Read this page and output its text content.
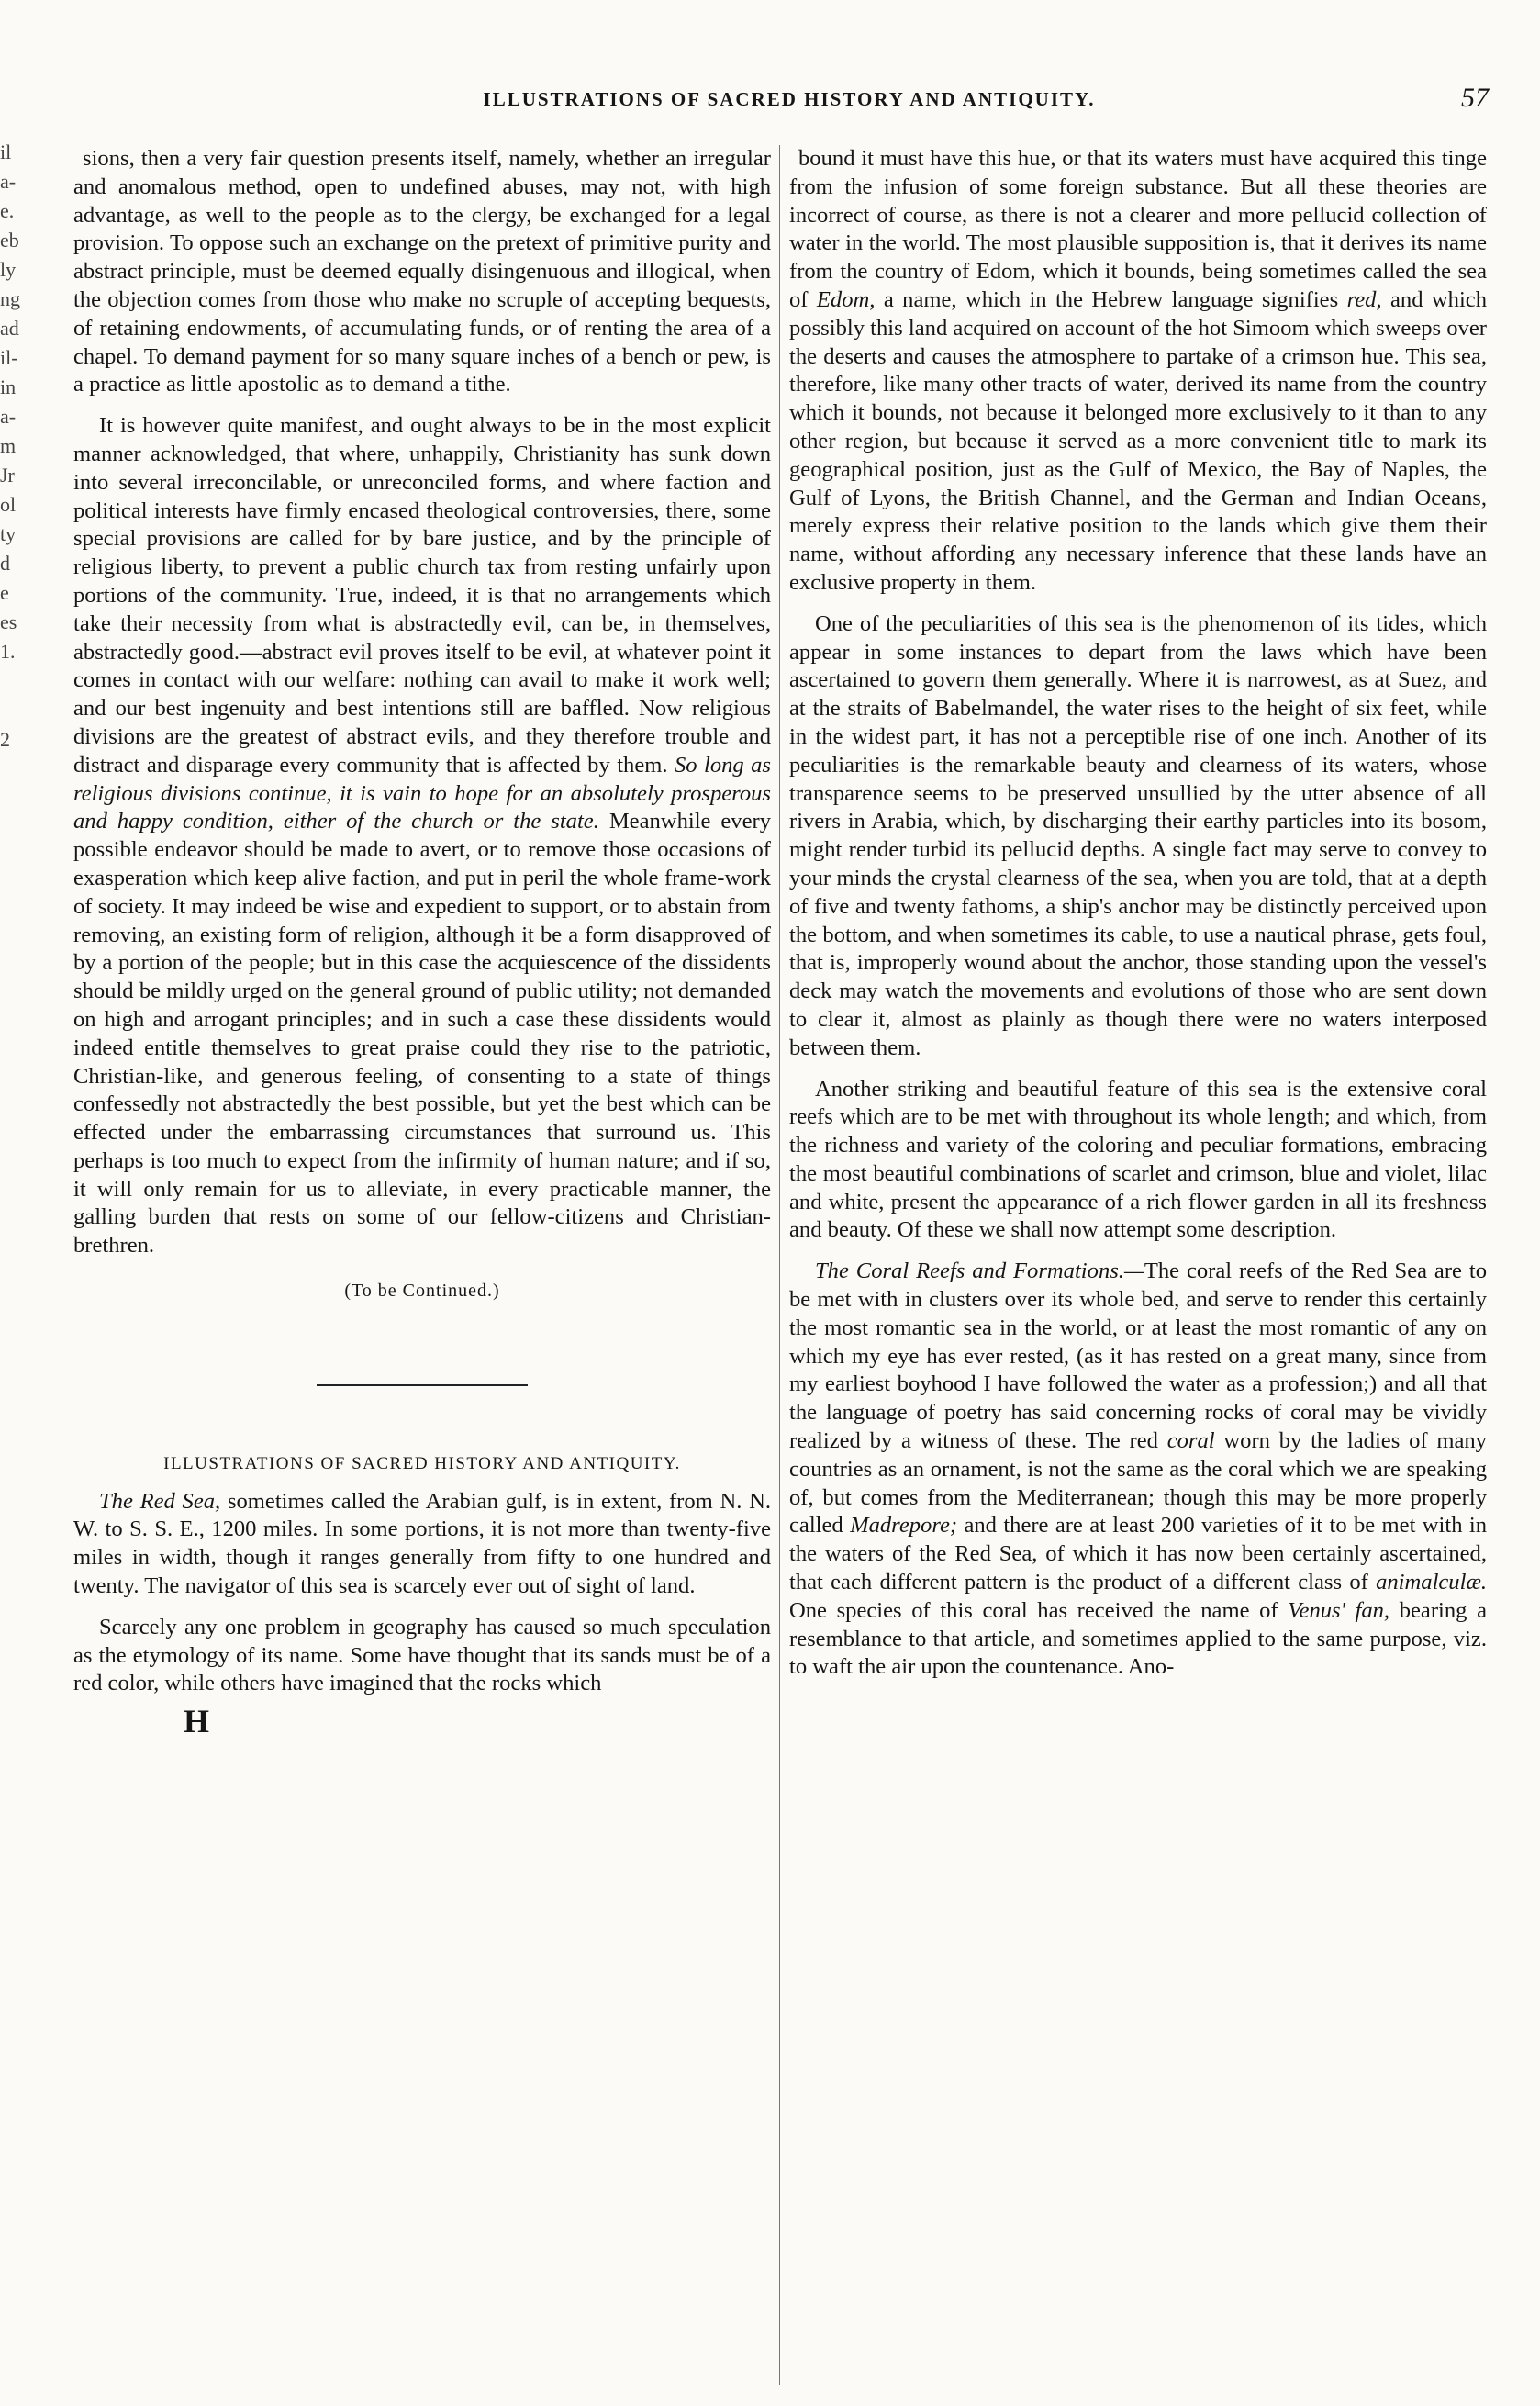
il
a-
e.
eb
ly
ng
ad
il-
in
a-
m
Jr
ol
ty
d
e
es
1.

2

ILLUSTRATIONS OF SACRED HISTORY AND ANTIQUITY.	57

sions, then a very fair question presents itself, namely, whether an irregular and anomalous method, open to undefined abuses, may not, with high advantage, as well to the people as to the clergy, be exchanged for a legal provision. To oppose such an exchange on the pretext of primitive purity and abstract principle, must be deemed equally disingenuous and illogical, when the objection comes from those who make no scruple of accepting bequests, of retaining endowments, of accumulating funds, or of renting the area of a chapel. To demand payment for so many square inches of a bench or pew, is a practice as little apostolic as to demand a tithe.

It is however quite manifest, and ought always to be in the most explicit manner acknowledged, that where, unhappily, Christianity has sunk down into several irreconcilable, or unreconciled forms, and where faction and political interests have firmly encased theological controversies, there, some special provisions are called for by bare justice, and by the principle of religious liberty, to prevent a public church tax from resting unfairly upon portions of the community. True, indeed, it is that no arrangements which take their necessity from what is abstractedly evil, can be, in themselves, abstractedly good.—abstract evil proves itself to be evil, at whatever point it comes in contact with our welfare: nothing can avail to make it work well; and our best ingenuity and best intentions still are baffled. Now religious divisions are the greatest of abstract evils, and they therefore trouble and distract and disparage every community that is affected by them. So long as religious divisions continue, it is vain to hope for an absolutely prosperous and happy condition, either of the church or the state. Meanwhile every possible endeavor should be made to avert, or to remove those occasions of exasperation which keep alive faction, and put in peril the whole frame-work of society. It may indeed be wise and expedient to support, or to abstain from removing, an existing form of religion, although it be a form disapproved of by a portion of the people; but in this case the acquiescence of the dissidents should be mildly urged on the general ground of public utility; not demanded on high and arrogant principles; and in such a case these dissidents would indeed entitle themselves to great praise could they rise to the patriotic, Christian-like, and generous feeling, of consenting to a state of things confessedly not abstractedly the best possible, but yet the best which can be effected under the embarrassing circumstances that surround us. This perhaps is too much to expect from the infirmity of human nature; and if so, it will only remain for us to alleviate, in every practicable manner, the galling burden that rests on some of our fellow-citizens and Christian-brethren.

(To be Continued.)
ILLUSTRATIONS OF SACRED HISTORY AND ANTIQUITY.

The Red Sea, sometimes called the Arabian gulf, is in extent, from N. N. W. to S. S. E., 1200 miles. In some portions, it is not more than twenty-five miles in width, though it ranges generally from fifty to one hundred and twenty. The navigator of this sea is scarcely ever out of sight of land.

Scarcely any one problem in geography has caused so much speculation as the etymology of its name. Some have thought that its sands must be of a red color, while others have imagined that the rocks which

H

bound it must have this hue, or that its waters must have acquired this tinge from the infusion of some foreign substance. But all these theories are incorrect of course, as there is not a clearer and more pellucid collection of water in the world. The most plausible supposition is, that it derives its name from the country of Edom, which it bounds, being sometimes called the sea of Edom, a name, which in the Hebrew language signifies red, and which possibly this land acquired on account of the hot Simoom which sweeps over the deserts and causes the atmosphere to partake of a crimson hue. This sea, therefore, like many other tracts of water, derived its name from the country which it bounds, not because it belonged more exclusively to it than to any other region, but because it served as a more convenient title to mark its geographical position, just as the Gulf of Mexico, the Bay of Naples, the Gulf of Lyons, the British Channel, and the German and Indian Oceans, merely express their relative position to the lands which give them their name, without affording any necessary inference that these lands have an exclusive property in them.

One of the peculiarities of this sea is the phenomenon of its tides, which appear in some instances to depart from the laws which have been ascertained to govern them generally. Where it is narrowest, as at Suez, and at the straits of Babelmandel, the water rises to the height of six feet, while in the widest part, it has not a perceptible rise of one inch. Another of its peculiarities is the remarkable beauty and clearness of its waters, whose transparence seems to be preserved unsullied by the utter absence of all rivers in Arabia, which, by discharging their earthy particles into its bosom, might render turbid its pellucid depths. A single fact may serve to convey to your minds the crystal clearness of the sea, when you are told, that at a depth of five and twenty fathoms, a ship's anchor may be distinctly perceived upon the bottom, and when sometimes its cable, to use a nautical phrase, gets foul, that is, improperly wound about the anchor, those standing upon the vessel's deck may watch the movements and evolutions of those who are sent down to clear it, almost as plainly as though there were no waters interposed between them.

Another striking and beautiful feature of this sea is the extensive coral reefs which are to be met with throughout its whole length; and which, from the richness and variety of the coloring and peculiar formations, embracing the most beautiful combinations of scarlet and crimson, blue and violet, lilac and white, present the appearance of a rich flower garden in all its freshness and beauty. Of these we shall now attempt some description.

The Coral Reefs and Formations.—The coral reefs of the Red Sea are to be met with in clusters over its whole bed, and serve to render this certainly the most romantic sea in the world, or at least the most romantic of any on which my eye has ever rested, (as it has rested on a great many, since from my earliest boyhood I have followed the water as a profession;) and all that the language of poetry has said concerning rocks of coral may be vividly realized by a witness of these. The red coral worn by the ladies of many countries as an ornament, is not the same as the coral which we are speaking of, but comes from the Mediterranean; though this may be more properly called Madrepore; and there are at least 200 varieties of it to be met with in the waters of the Red Sea, of which it has now been certainly ascertained, that each different pattern is the product of a different class of animalculæ. One species of this coral has received the name of Venus' fan, bearing a resemblance to that article, and sometimes applied to the same purpose, viz. to waft the air upon the countenance. Ano-
